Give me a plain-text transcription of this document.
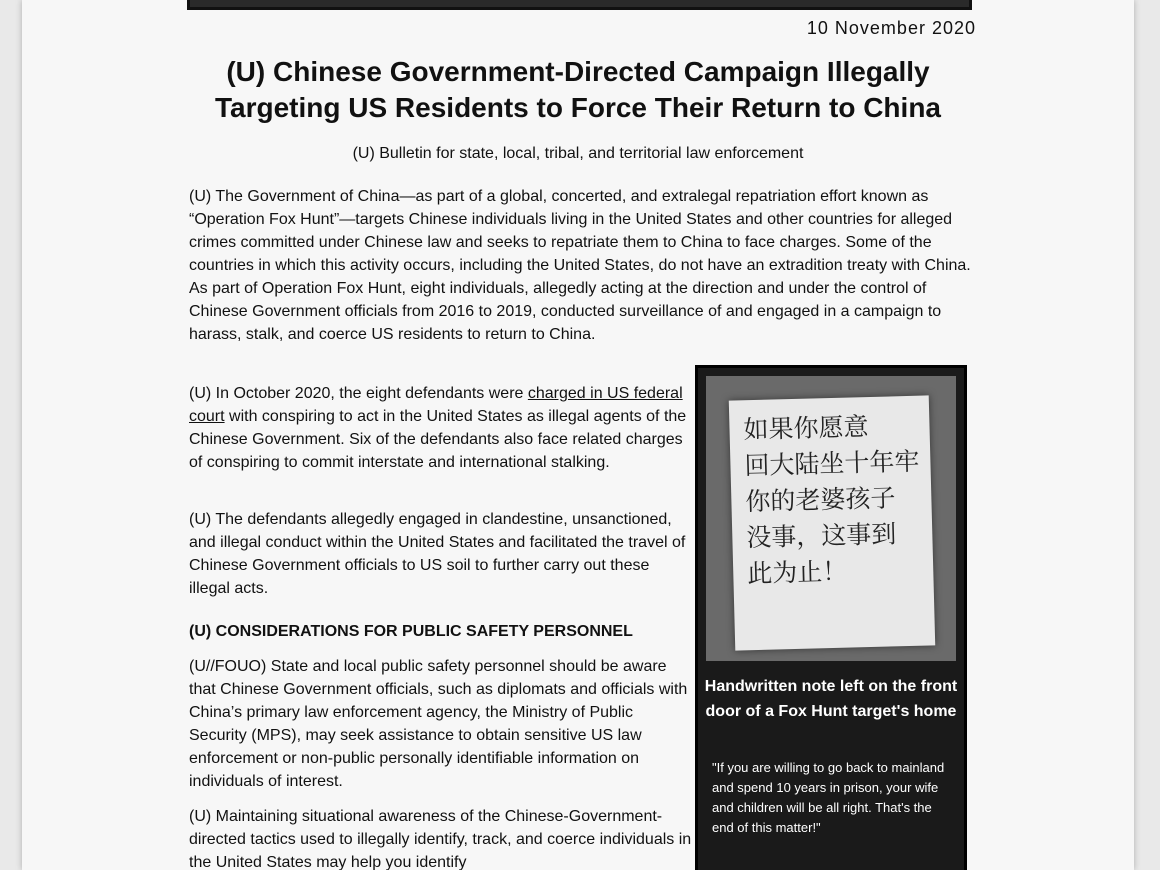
10 November 2020
(U) Chinese Government-Directed Campaign Illegally
Targeting US Residents to Force Their Return to China
(U) Bulletin for state, local, tribal, and territorial law enforcement
(U) The Government of China—as part of a global, concerted, and extralegal repatriation effort known as “Operation Fox Hunt”—targets Chinese individuals living in the United States and other countries for alleged crimes committed under Chinese law and seeks to repatriate them to China to face charges. Some of the countries in which this activity occurs, including the United States, do not have an extradition treaty with China. As part of Operation Fox Hunt, eight individuals, allegedly acting at the direction and under the control of Chinese Government officials from 2016 to 2019, conducted surveillance of and engaged in a campaign to harass, stalk, and coerce US residents to return to China.
(U) In October 2020, the eight defendants were charged in US federal court with conspiring to act in the United States as illegal agents of the Chinese Government. Six of the defendants also face related charges of conspiring to commit interstate and international stalking.
(U) The defendants allegedly engaged in clandestine, unsanctioned, and illegal conduct within the United States and facilitated the travel of Chinese Government officials to US soil to further carry out these illegal acts.
(U) CONSIDERATIONS FOR PUBLIC SAFETY PERSONNEL
(U//FOUO) State and local public safety personnel should be aware that Chinese Government officials, such as diplomats and officials with China’s primary law enforcement agency, the Ministry of Public Security (MPS), may seek assistance to obtain sensitive US law enforcement or non-public personally identifiable information on individuals of interest.
(U) Maintaining situational awareness of the Chinese-Government-directed tactics used to illegally identify, track, and coerce individuals in the United States may help you identify
如果你愿意
回大陆坐十年牢
你的老婆孩子
没事，这事到
此为止！
Handwritten note left on the front door of a Fox Hunt target's home
"If you are willing to go back to mainland and spend 10 years in prison, your wife and children will be all right. That's the end of this matter!"
